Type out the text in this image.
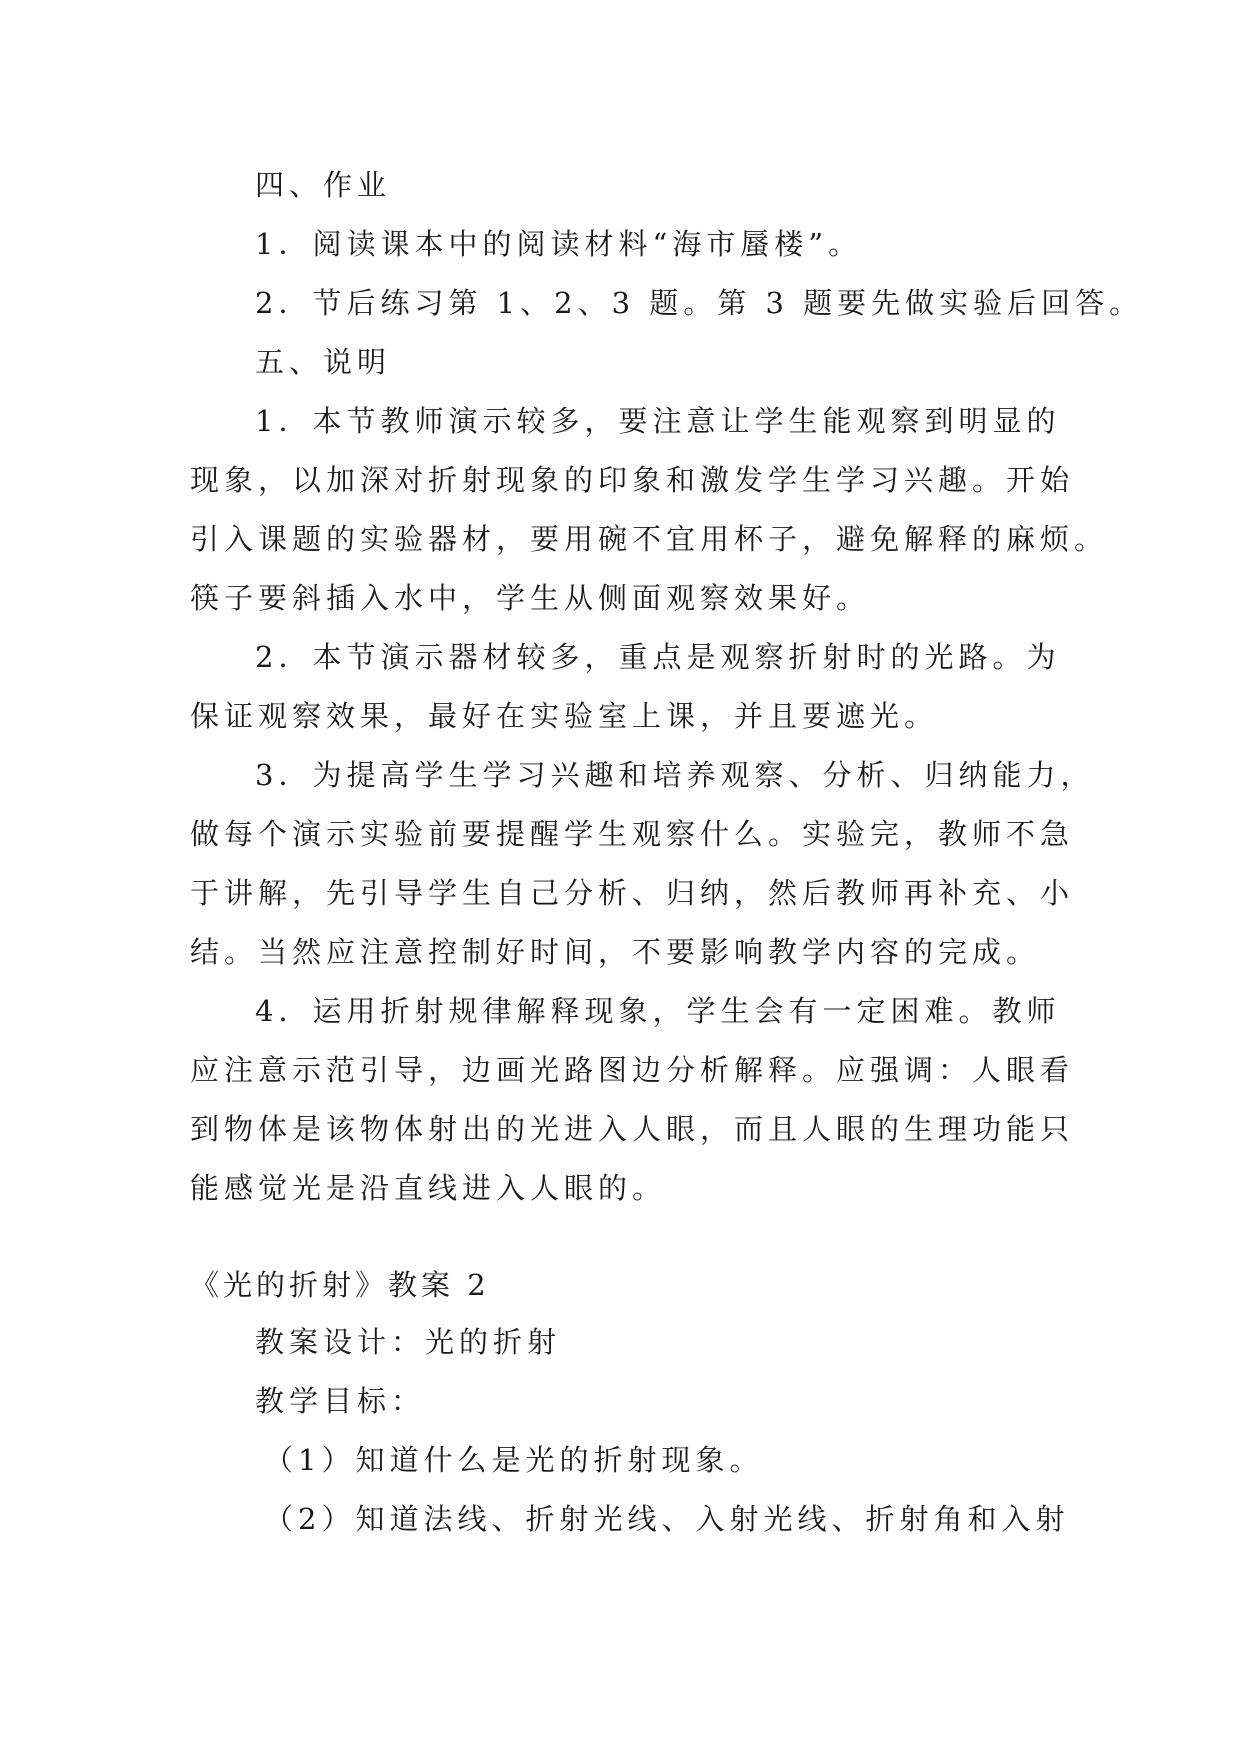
四、作业
1．阅读课本中的阅读材料“海市蜃楼”。
2．节后练习第 1、2、3 题。第 3 题要先做实验后回答。
五、说明
1．本节教师演示较多，要注意让学生能观察到明显的
现象，以加深对折射现象的印象和激发学生学习兴趣。开始
引入课题的实验器材，要用碗不宜用杯子，避免解释的麻烦。
筷子要斜插入水中，学生从侧面观察效果好。
2．本节演示器材较多，重点是观察折射时的光路。为
保证观察效果，最好在实验室上课，并且要遮光。
3．为提高学生学习兴趣和培养观察、分析、归纳能力，
做每个演示实验前要提醒学生观察什么。实验完，教师不急
于讲解，先引导学生自己分析、归纳，然后教师再补充、小
结。当然应注意控制好时间，不要影响教学内容的完成。
4．运用折射规律解释现象，学生会有一定困难。教师
应注意示范引导，边画光路图边分析解释。应强调：人眼看
到物体是该物体射出的光进入人眼，而且人眼的生理功能只
能感觉光是沿直线进入人眼的。
《光的折射》教案 2
教案设计：光的折射
教学目标：
（1）知道什么是光的折射现象。
（2）知道法线、折射光线、入射光线、折射角和入射
